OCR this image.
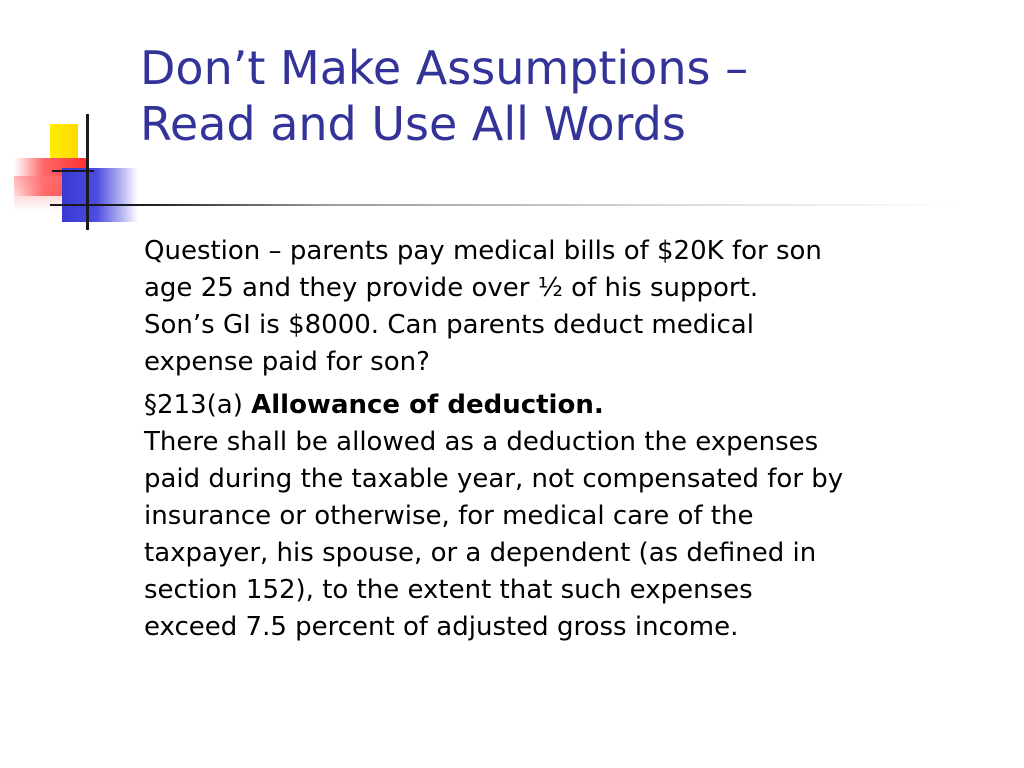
Don’t Make Assumptions –
Read and Use All Words

Question – parents pay medical bills of $20K for son
age 25 and they provide over ½ of his support.
Son’s GI is $8000. Can parents deduct medical
expense paid for son?

§213(a) Allowance of deduction.
There shall be allowed as a deduction the expenses
paid during the taxable year, not compensated for by
insurance or otherwise, for medical care of the
taxpayer, his spouse, or a dependent (as defined in
section 152), to the extent that such expenses
exceed 7.5 percent of adjusted gross income.
